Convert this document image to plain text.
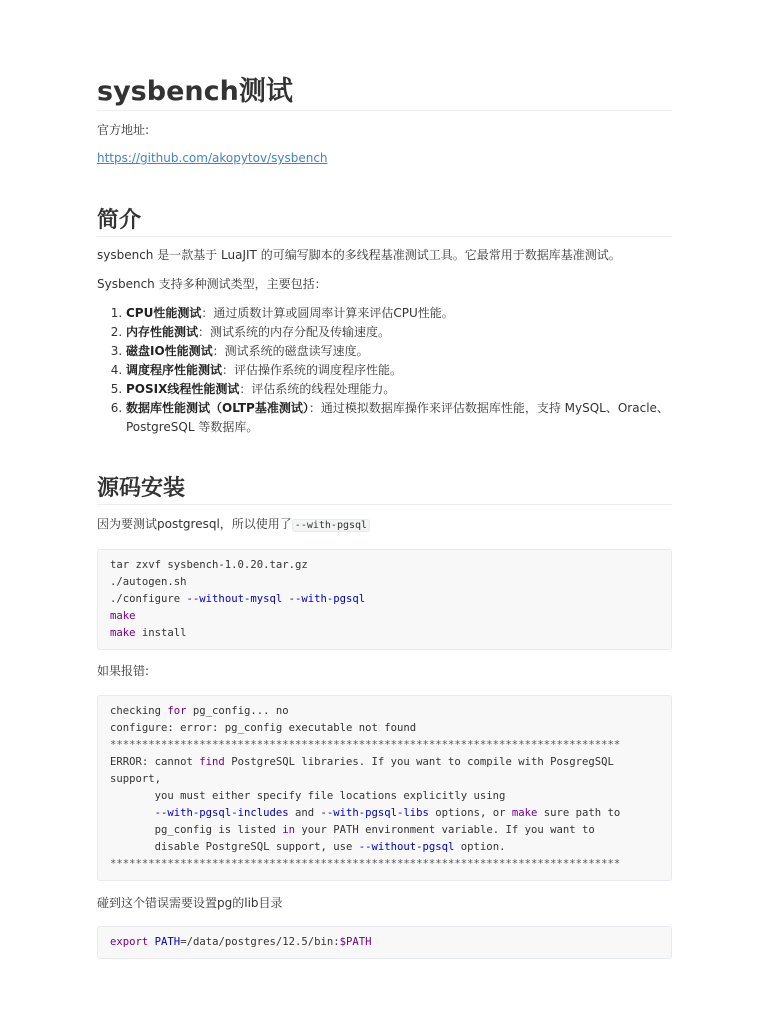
sysbench测试

官方地址:

https://github.com/akopytov/sysbench

简介

sysbench 是一款基于 LuaJIT 的可编写脚本的多线程基准测试工具。它最常用于数据库基准测试。

Sysbench 支持多种测试类型，主要包括：

1. CPU性能测试：通过质数计算或圆周率计算来评估CPU性能。
2. 内存性能测试：测试系统的内存分配及传输速度。
3. 磁盘IO性能测试：测试系统的磁盘读写速度。
4. 调度程序性能测试：评估操作系统的调度程序性能。
5. POSIX线程性能测试：评估系统的线程处理能力。
6. 数据库性能测试（OLTP基准测试）：通过模拟数据库操作来评估数据库性能，支持 MySQL、Oracle、PostgreSQL 等数据库。
源码安装

因为要测试postgresql，所以使用了 --with-pgsql

tar zxvf sysbench-1.0.20.tar.gz
./autogen.sh
./configure --without-mysql --with-pgsql
make
make install

如果报错:

checking for pg_config... no
configure: error: pg_config executable not found
********************************************************************************
ERROR: cannot find PostgreSQL libraries. If you want to compile with PosgregSQL
support,
you must either specify file locations explicitly using
--with-pgsql-includes and --with-pgsql-libs options, or make sure path to
pg_config is listed in your PATH environment variable. If you want to
disable PostgreSQL support, use --without-pgsql option.
********************************************************************************

碰到这个错误需要设置pg的lib目录

export PATH=/data/postgres/12.5/bin:$PATH
